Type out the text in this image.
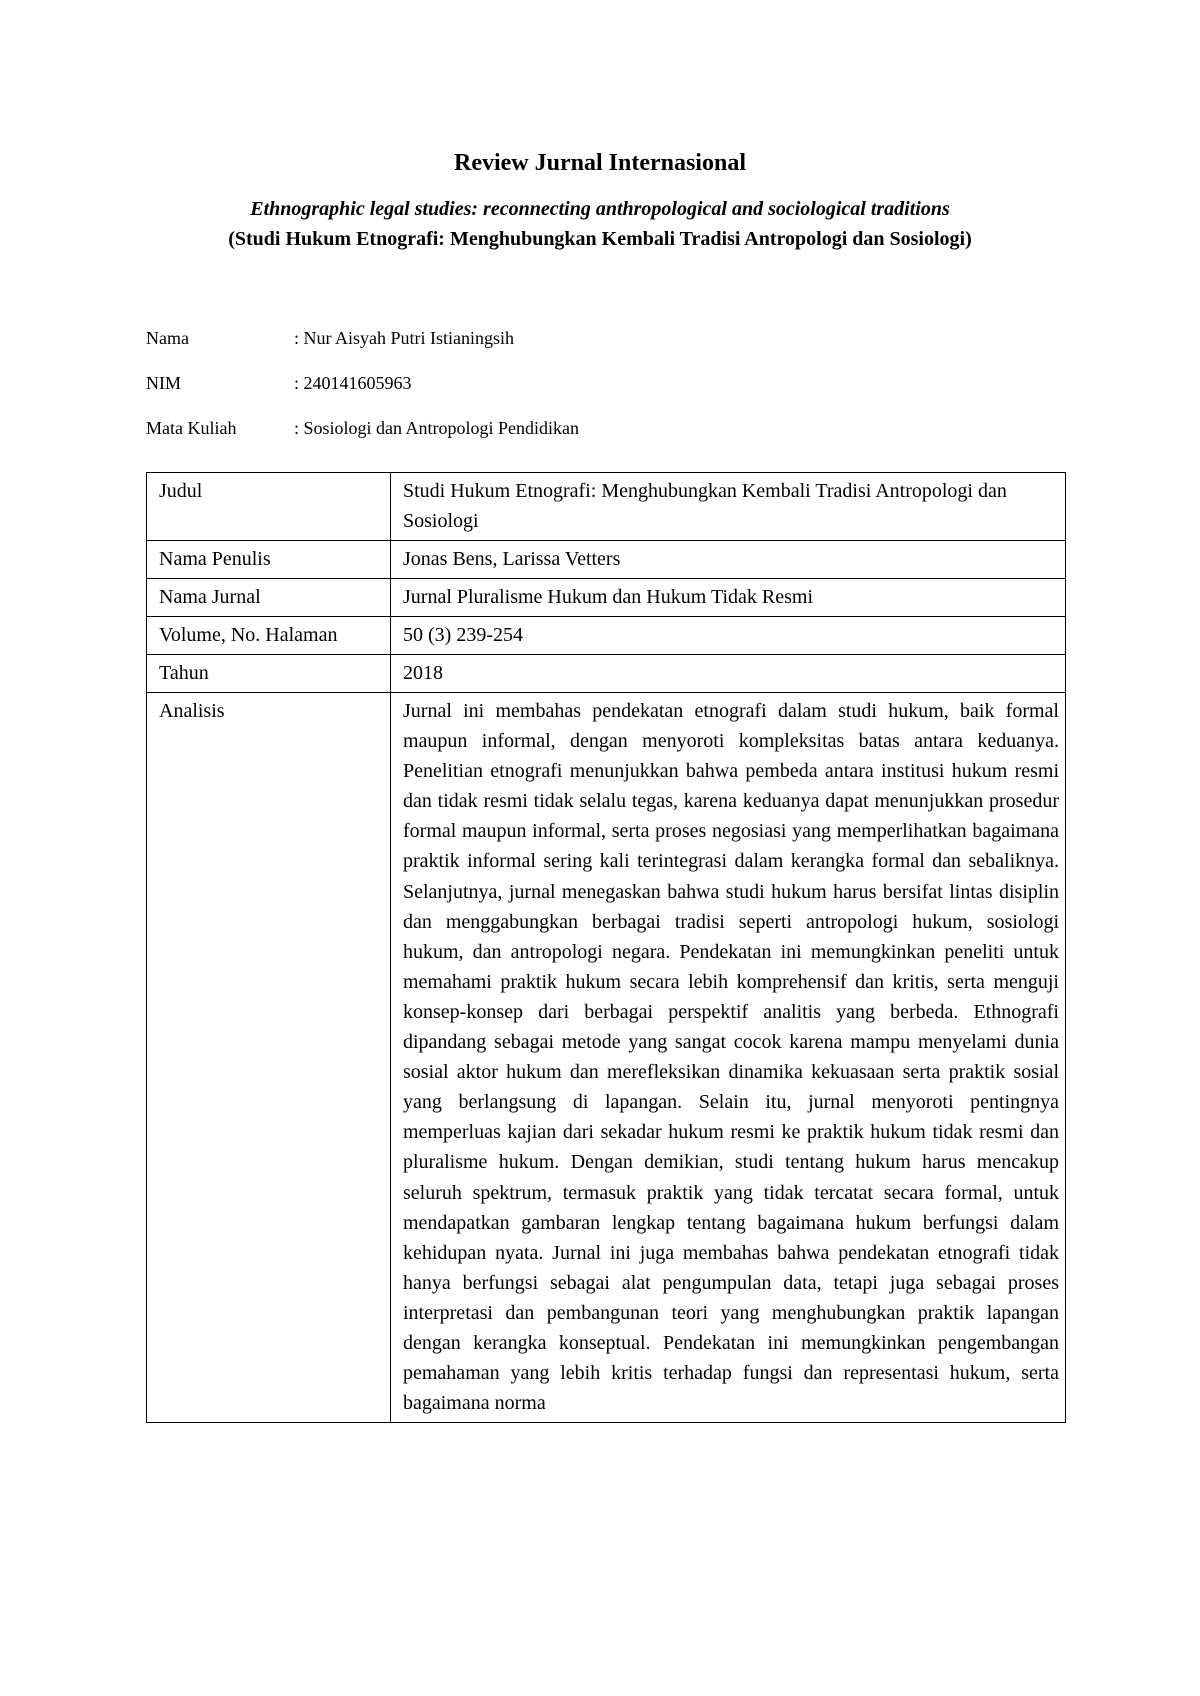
Review Jurnal Internasional
Ethnographic legal studies: reconnecting anthropological and sociological traditions
(Studi Hukum Etnografi: Menghubungkan Kembali Tradisi Antropologi dan Sosiologi)
Nama	: Nur Aisyah Putri Istianingsih
NIM	: 240141605963
Mata Kuliah	: Sosiologi dan Antropologi Pendidikan
Judul	Studi Hukum Etnografi: Menghubungkan Kembali Tradisi Antropologi dan Sosiologi
Nama Penulis	Jonas Bens, Larissa Vetters
Nama Jurnal	Jurnal Pluralisme Hukum dan Hukum Tidak Resmi
Volume, No. Halaman	50 (3) 239-254
Tahun	2018
Analisis	Jurnal ini membahas pendekatan etnografi dalam studi hukum, baik formal maupun informal, dengan menyoroti kompleksitas batas antara keduanya. Penelitian etnografi menunjukkan bahwa pembeda antara institusi hukum resmi dan tidak resmi tidak selalu tegas, karena keduanya dapat menunjukkan prosedur formal maupun informal, serta proses negosiasi yang memperlihatkan bagaimana praktik informal sering kali terintegrasi dalam kerangka formal dan sebaliknya. Selanjutnya, jurnal menegaskan bahwa studi hukum harus bersifat lintas disiplin dan menggabungkan berbagai tradisi seperti antropologi hukum, sosiologi hukum, dan antropologi negara. Pendekatan ini memungkinkan peneliti untuk memahami praktik hukum secara lebih komprehensif dan kritis, serta menguji konsep-konsep dari berbagai perspektif analitis yang berbeda. Ethnografi dipandang sebagai metode yang sangat cocok karena mampu menyelami dunia sosial aktor hukum dan merefleksikan dinamika kekuasaan serta praktik sosial yang berlangsung di lapangan. Selain itu, jurnal menyoroti pentingnya memperluas kajian dari sekadar hukum resmi ke praktik hukum tidak resmi dan pluralisme hukum. Dengan demikian, studi tentang hukum harus mencakup seluruh spektrum, termasuk praktik yang tidak tercatat secara formal, untuk mendapatkan gambaran lengkap tentang bagaimana hukum berfungsi dalam kehidupan nyata. Jurnal ini juga membahas bahwa pendekatan etnografi tidak hanya berfungsi sebagai alat pengumpulan data, tetapi juga sebagai proses interpretasi dan pembangunan teori yang menghubungkan praktik lapangan dengan kerangka konseptual. Pendekatan ini memungkinkan pengembangan pemahaman yang lebih kritis terhadap fungsi dan representasi hukum, serta bagaimana norma
